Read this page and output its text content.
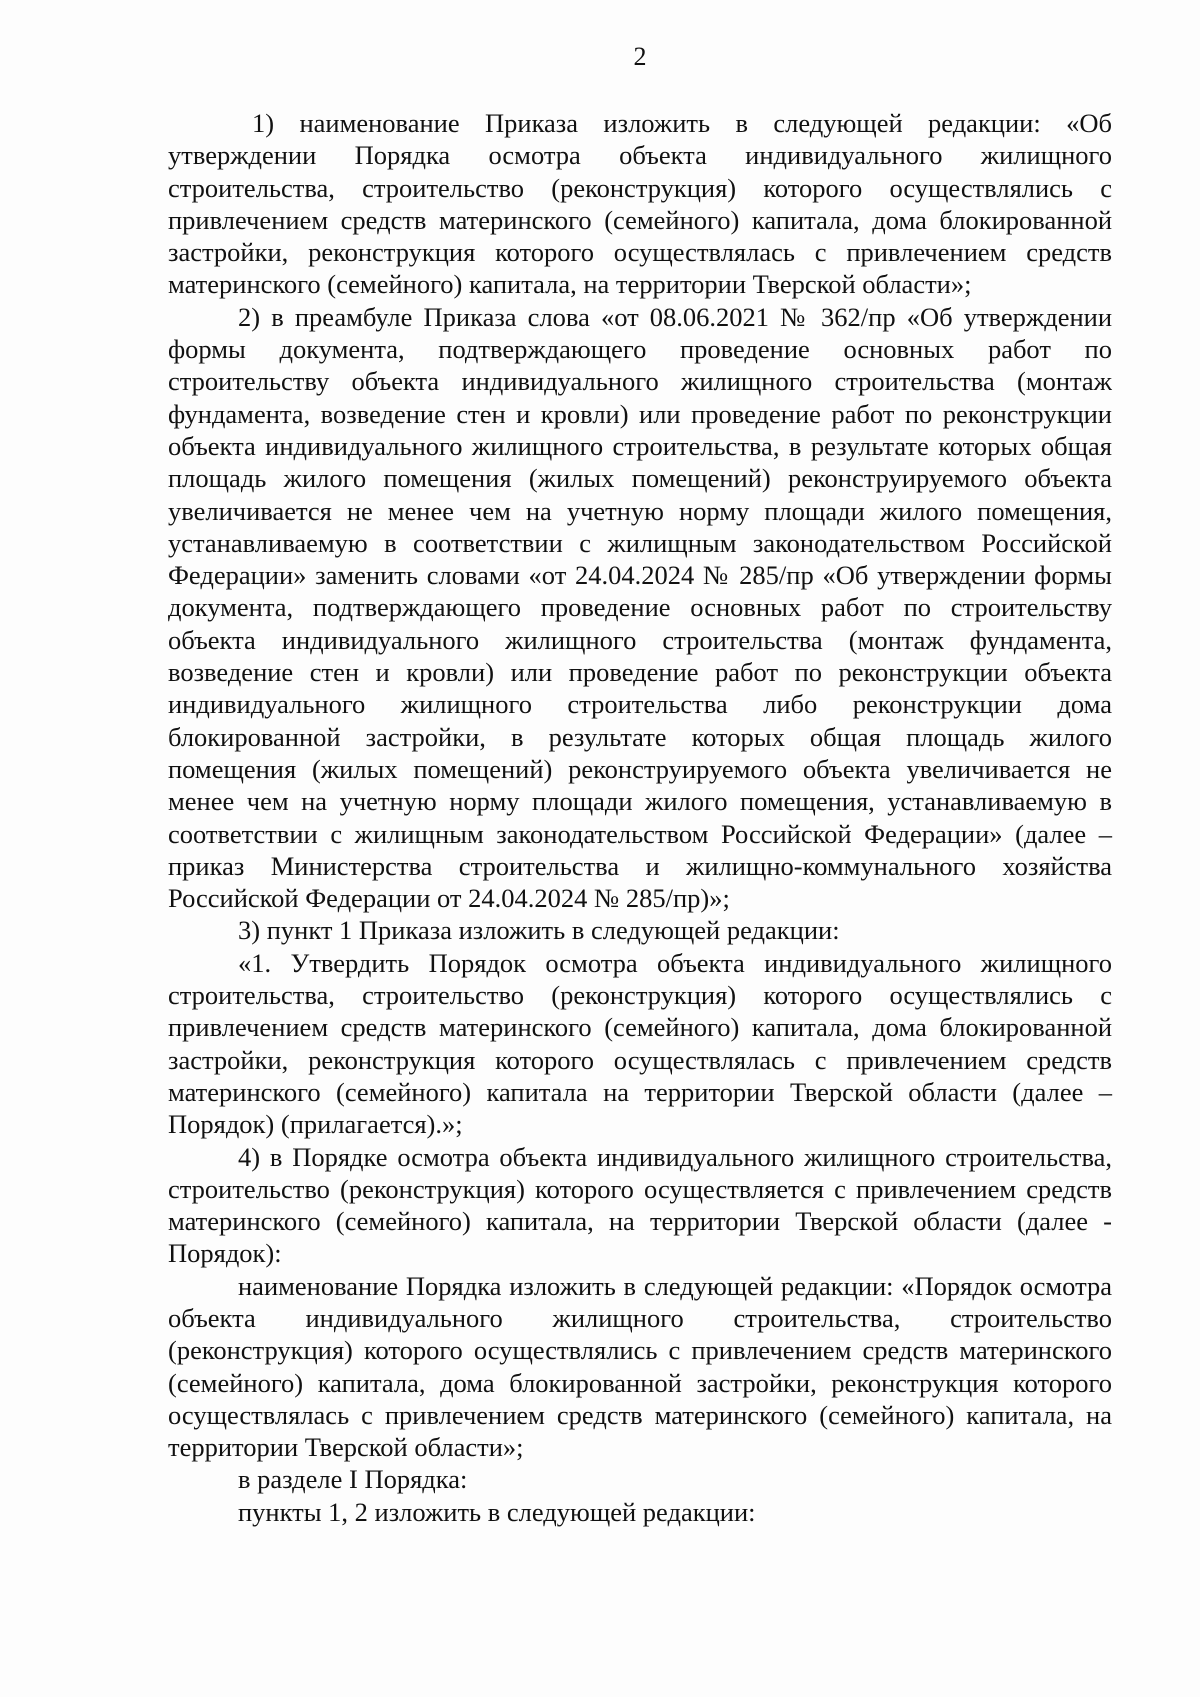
2

1) наименование Приказа изложить в следующей редакции: «Об утверждении Порядка осмотра объекта индивидуального жилищного строительства, строительство (реконструкция) которого осуществлялись с привлечением средств материнского (семейного) капитала, дома блокированной застройки, реконструкция которого осуществлялась с привлечением средств материнского (семейного) капитала, на территории Тверской области»;

2) в преамбуле Приказа слова «от 08.06.2021 № 362/пр «Об утверждении формы документа, подтверждающего проведение основных работ по строительству объекта индивидуального жилищного строительства (монтаж фундамента, возведение стен и кровли) или проведение работ по реконструкции объекта индивидуального жилищного строительства, в результате которых общая площадь жилого помещения (жилых помещений) реконструируемого объекта увеличивается не менее чем на учетную норму площади жилого помещения, устанавливаемую в соответствии с жилищным законодательством Российской Федерации» заменить словами «от 24.04.2024 № 285/пр «Об утверждении формы документа, подтверждающего проведение основных работ по строительству объекта индивидуального жилищного строительства (монтаж фундамента, возведение стен и кровли) или проведение работ по реконструкции объекта индивидуального жилищного строительства либо реконструкции дома блокированной застройки, в результате которых общая площадь жилого помещения (жилых помещений) реконструируемого объекта увеличивается не менее чем на учетную норму площади жилого помещения, устанавливаемую в соответствии с жилищным законодательством Российской Федерации» (далее – приказ Министерства строительства и жилищно-коммунального хозяйства Российской Федерации от 24.04.2024 № 285/пр)»;

3) пункт 1 Приказа изложить в следующей редакции:

«1. Утвердить Порядок осмотра объекта индивидуального жилищного строительства, строительство (реконструкция) которого осуществлялись с привлечением средств материнского (семейного) капитала, дома блокированной застройки, реконструкция которого осуществлялась с привлечением средств материнского (семейного) капитала на территории Тверской области (далее – Порядок) (прилагается).»;

4) в Порядке осмотра объекта индивидуального жилищного строительства, строительство (реконструкция) которого осуществляется с привлечением средств материнского (семейного) капитала, на территории Тверской области (далее - Порядок):

наименование Порядка изложить в следующей редакции: «Порядок осмотра объекта индивидуального жилищного строительства, строительство (реконструкция) которого осуществлялись с привлечением средств материнского (семейного) капитала, дома блокированной застройки, реконструкция которого осуществлялась с привлечением средств материнского (семейного) капитала, на территории Тверской области»;

в разделе I Порядка:

пункты 1, 2 изложить в следующей редакции:
